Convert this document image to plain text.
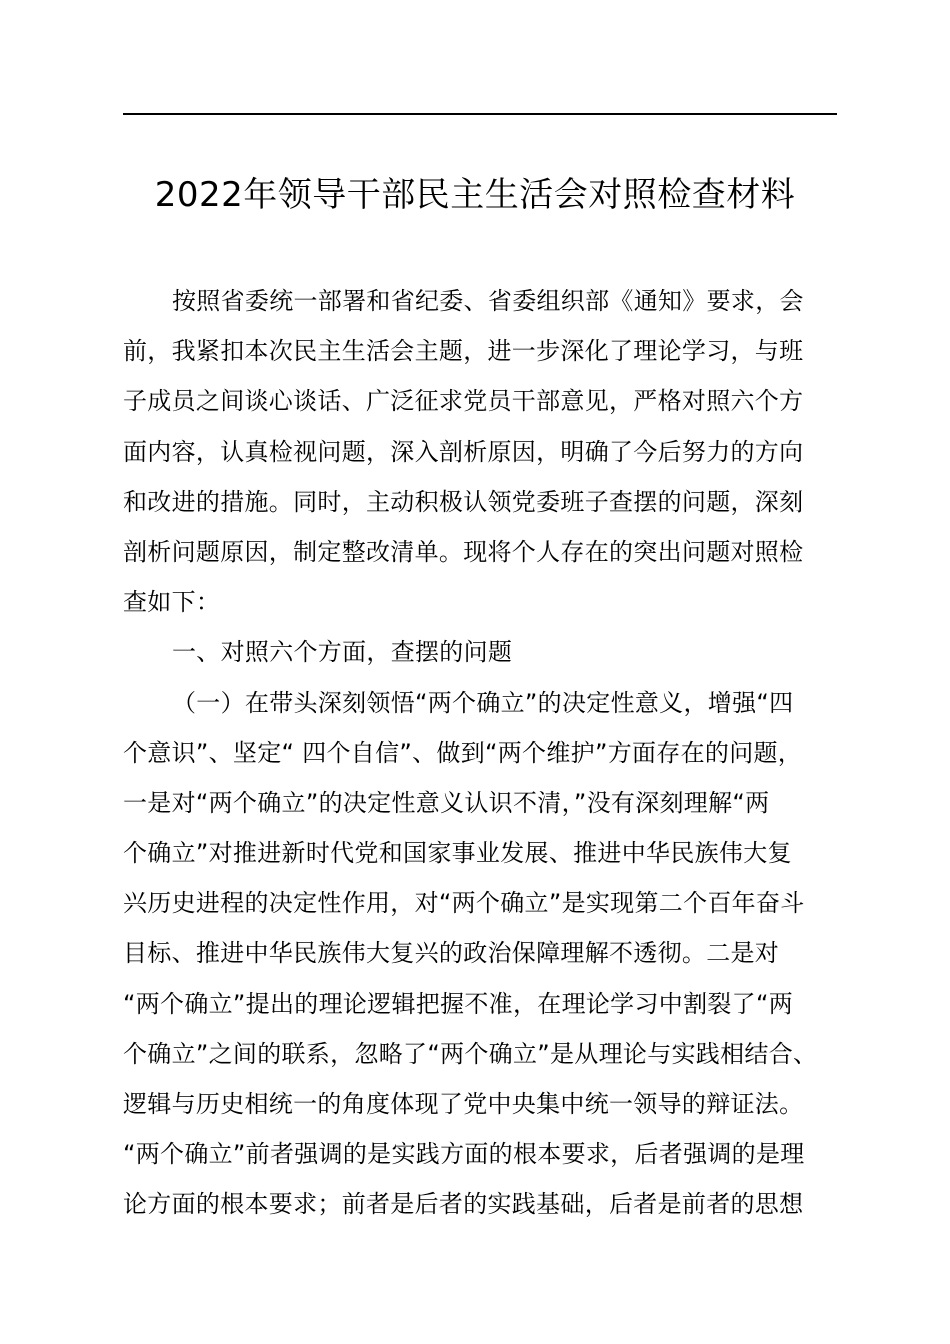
2022年领导干部民主生活会对照检查材料
按照省委统一部署和省纪委、省委组织部《通知》要求，会
前，我紧扣本次民主生活会主题，进一步深化了理论学习，与班
子成员之间谈心谈话、广泛征求党员干部意见，严格对照六个方
面内容，认真检视问题，深入剖析原因，明确了今后努力的方向
和改进的措施。同时，主动积极认领党委班子查摆的问题，深刻
剖析问题原因，制定整改清单。现将个人存在的突出问题对照检
查如下：
一、对照六个方面，查摆的问题
（一）在带头深刻领悟“两个确立”的决定性意义，增强“四
个意识”、坚定“ 四个自信”、做到“两个维护”方面存在的问题，
一是对“两个确立”的决定性意义认识不清，”没有深刻理解“两
个确立”对推进新时代党和国家事业发展、推进中华民族伟大复
兴历史进程的决定性作用，对“两个确立”是实现第二个百年奋斗
目标、推进中华民族伟大复兴的政治保障理解不透彻。二是对
“两个确立”提出的理论逻辑把握不准，在理论学习中割裂了“两
个确立”之间的联系，忽略了“两个确立”是从理论与实践相结合、
逻辑与历史相统一的角度体现了党中央集中统一领导的辩证法。
“两个确立”前者强调的是实践方面的根本要求，后者强调的是理
论方面的根本要求；前者是后者的实践基础，后者是前者的思想
